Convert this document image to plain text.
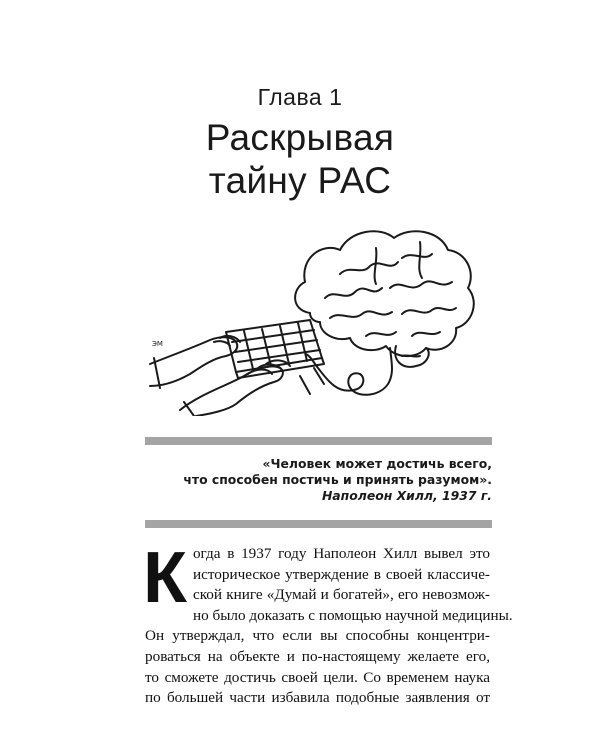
Глава 1
Раскрывая
тайну РАС
ЭМ
«Человек может достичь всего,
что способен постичь и принять разумом».
Наполеон Хилл, 1937 г.
К огда в 1937 году Наполеон Хилл вывел это
историческое утверждение в своей классиче-
ской книге «Думай и богатей», его невозмож-
но было доказать с помощью научной медицины.
Он утверждал, что если вы способны концентри-
роваться на объекте и по-настоящему желаете его,
то сможете достичь своей цели. Со временем наука
по большей части избавила подобные заявления от
